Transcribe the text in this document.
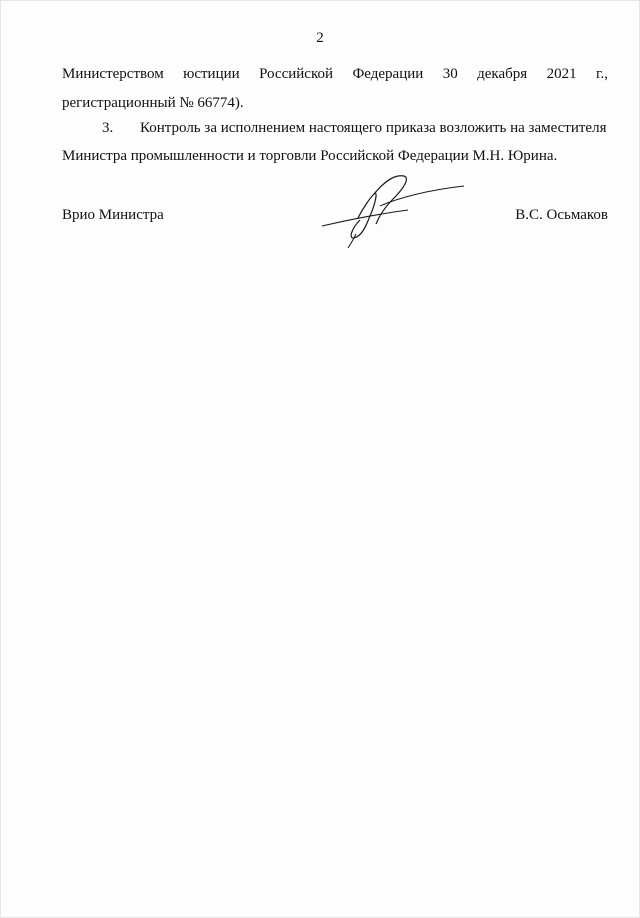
2
Министерством юстиции Российской Федерации 30 декабря 2021 г.,
регистрационный № 66774).
3. Контроль за исполнением настоящего приказа возложить на заместителя
Министра промышленности и торговли Российской Федерации М.Н. Юрина.
Врио Министра	В.С. Осьмаков
